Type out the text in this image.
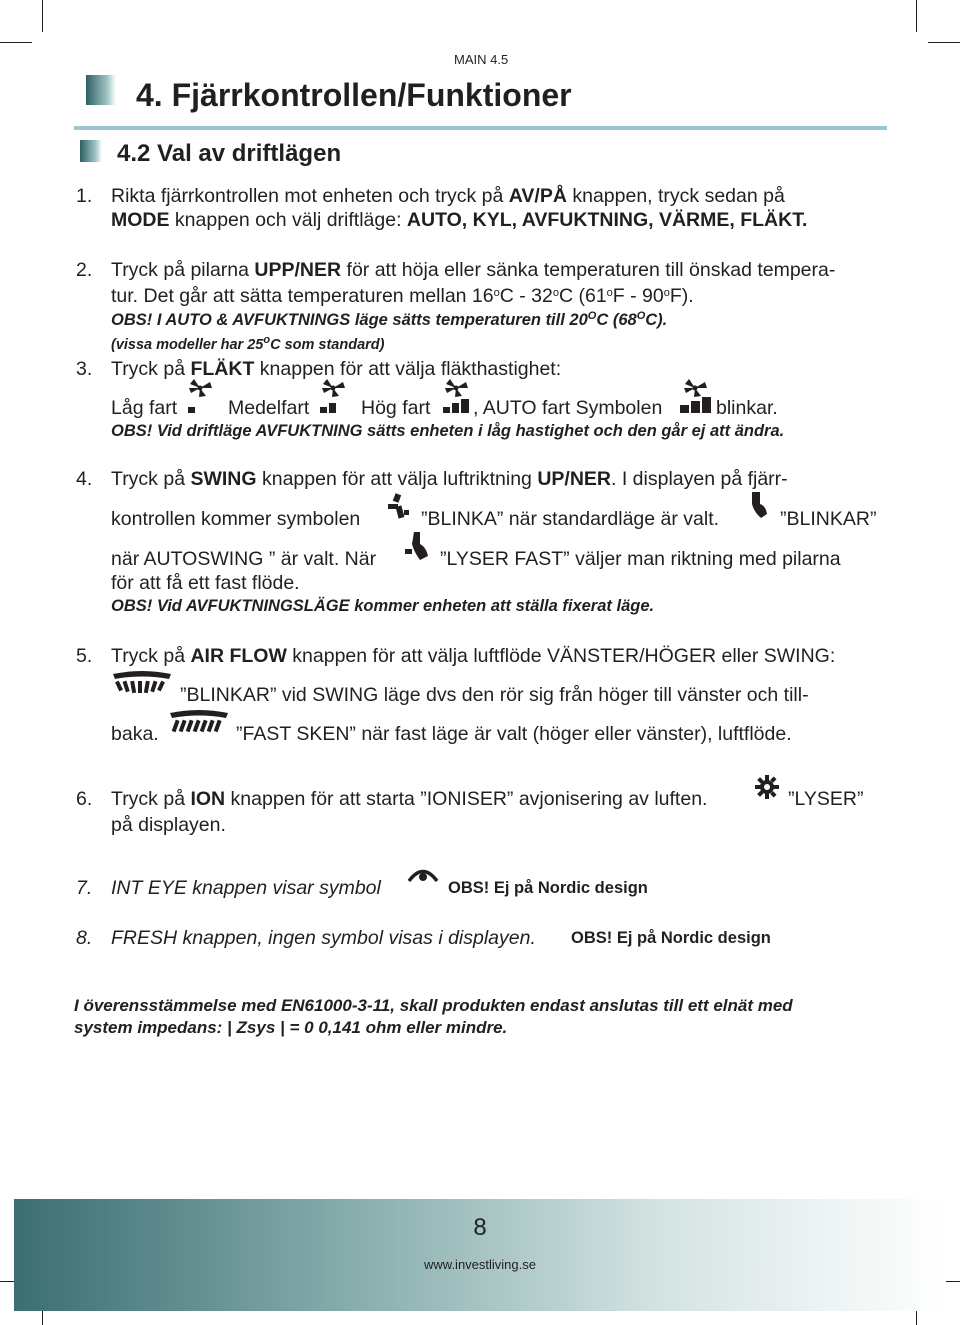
MAIN 4.5
4. Fjärrkontrollen/Funktioner
4.2 Val av driftlägen
1. Rikta fjärrkontrollen mot enheten och tryck på AV/PÅ knappen, tryck sedan på
MODE knappen och välj driftläge: AUTO, KYL, AVFUKTNING, VÄRME, FLÄKT.
2. Tryck på pilarna UPP/NER för att höja eller sänka temperaturen till önskad tempera-
tur. Det går att sätta temperaturen mellan 16$^o$C - 32$^o$C (61$^o$F - 90$^o$F).
OBS! I AUTO & AVFUKTNINGS läge sätts temperaturen till $20^OC$ $(68^OC)$.
(vissa modeller har 25$^o$C som standard)
3. Tryck på FLÄKT knappen för att välja fläkthastighet:
Låg fart	Medelfart	Hög fart , AUTO fart Symbolen	blinkar.
OBS! Vid driftläge AVFUKTNING sätts enheten i låg hastighet och den går ej att ändra.
4. Tryck på SWING knappen för att välja luftriktning UP/NER. I displayen på fjärr-
kontrollen kommer symbolen	”BLINKA” när standardläge är valt.	”BLINKAR”
när AUTOSWING ” är valt. När	”LYSER FAST” väljer man riktning med pilarna
för att få ett fast flöde.
OBS! Vid AVFUKTNINGSLÄGE kommer enheten att ställa fixerat läge.
5. Tryck på AIR FLOW knappen för att välja luftflöde VÄNSTER/HÖGER eller SWING:
”BLINKAR” vid SWING läge dvs den rör sig från höger till vänster och till-
baka.	”FAST SKEN” när fast läge är valt (höger eller vänster), luftflöde.
6. Tryck på ION knappen för att starta ”IONISER” avjonisering av luften.	”LYSER”
på displayen.
7. INT EYE knappen visar symbol	OBS! Ej på Nordic design
8. FRESH knappen, ingen symbol visas i displayen. OBS! Ej på Nordic design
I överensstämmelse med EN61000-3-11, skall produkten endast anslutas till ett elnät med
system impedans: | Zsys | = 0 0,141 ohm eller mindre.
8
www.investliving.se
